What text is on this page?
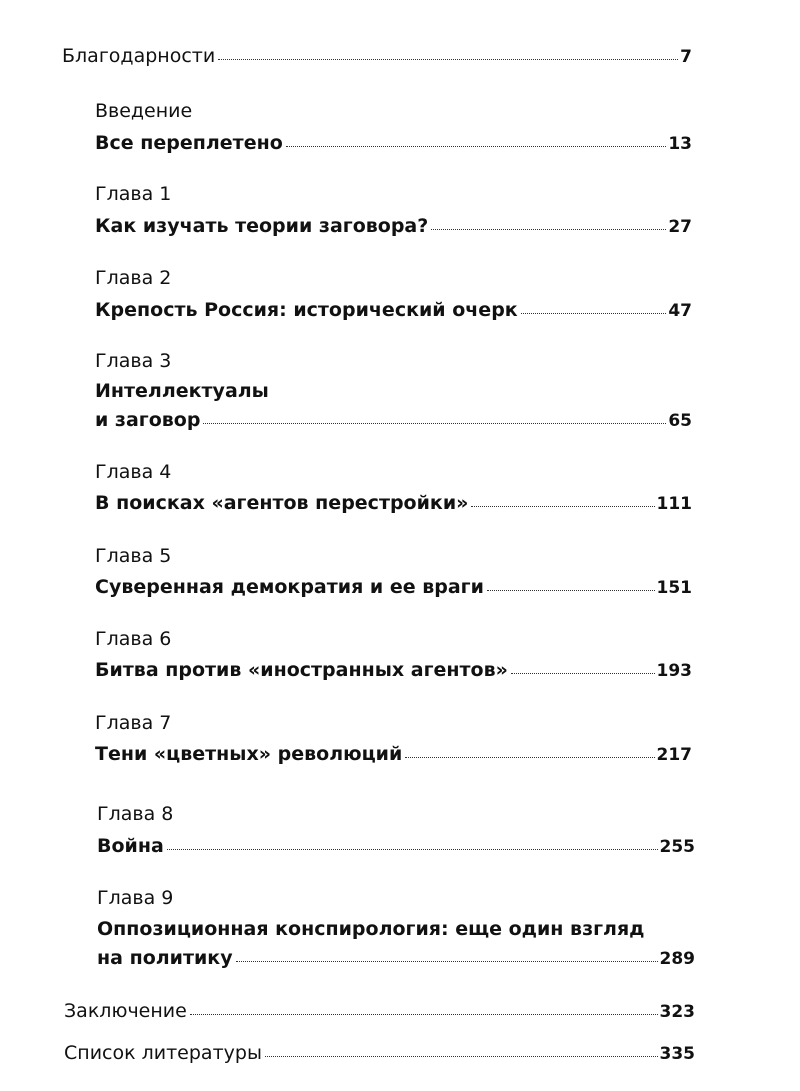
Благодарности	7
Введение
Все переплетено	13
Глава 1
Как изучать теории заговора?	27
Глава 2
Крепость Россия: исторический очерк	47
Глава 3
Интеллектуалы
и заговор	65
Глава 4
В поисках «агентов перестройки»	111
Глава 5
Суверенная демократия и ее враги	151
Глава 6
Битва против «иностранных агентов»	193
Глава 7
Тени «цветных» революций	217
Глава 8
Война	255
Глава 9
Оппозиционная конспирология: еще один взгляд
на политику	289
Заключение	323
Список литературы	335
